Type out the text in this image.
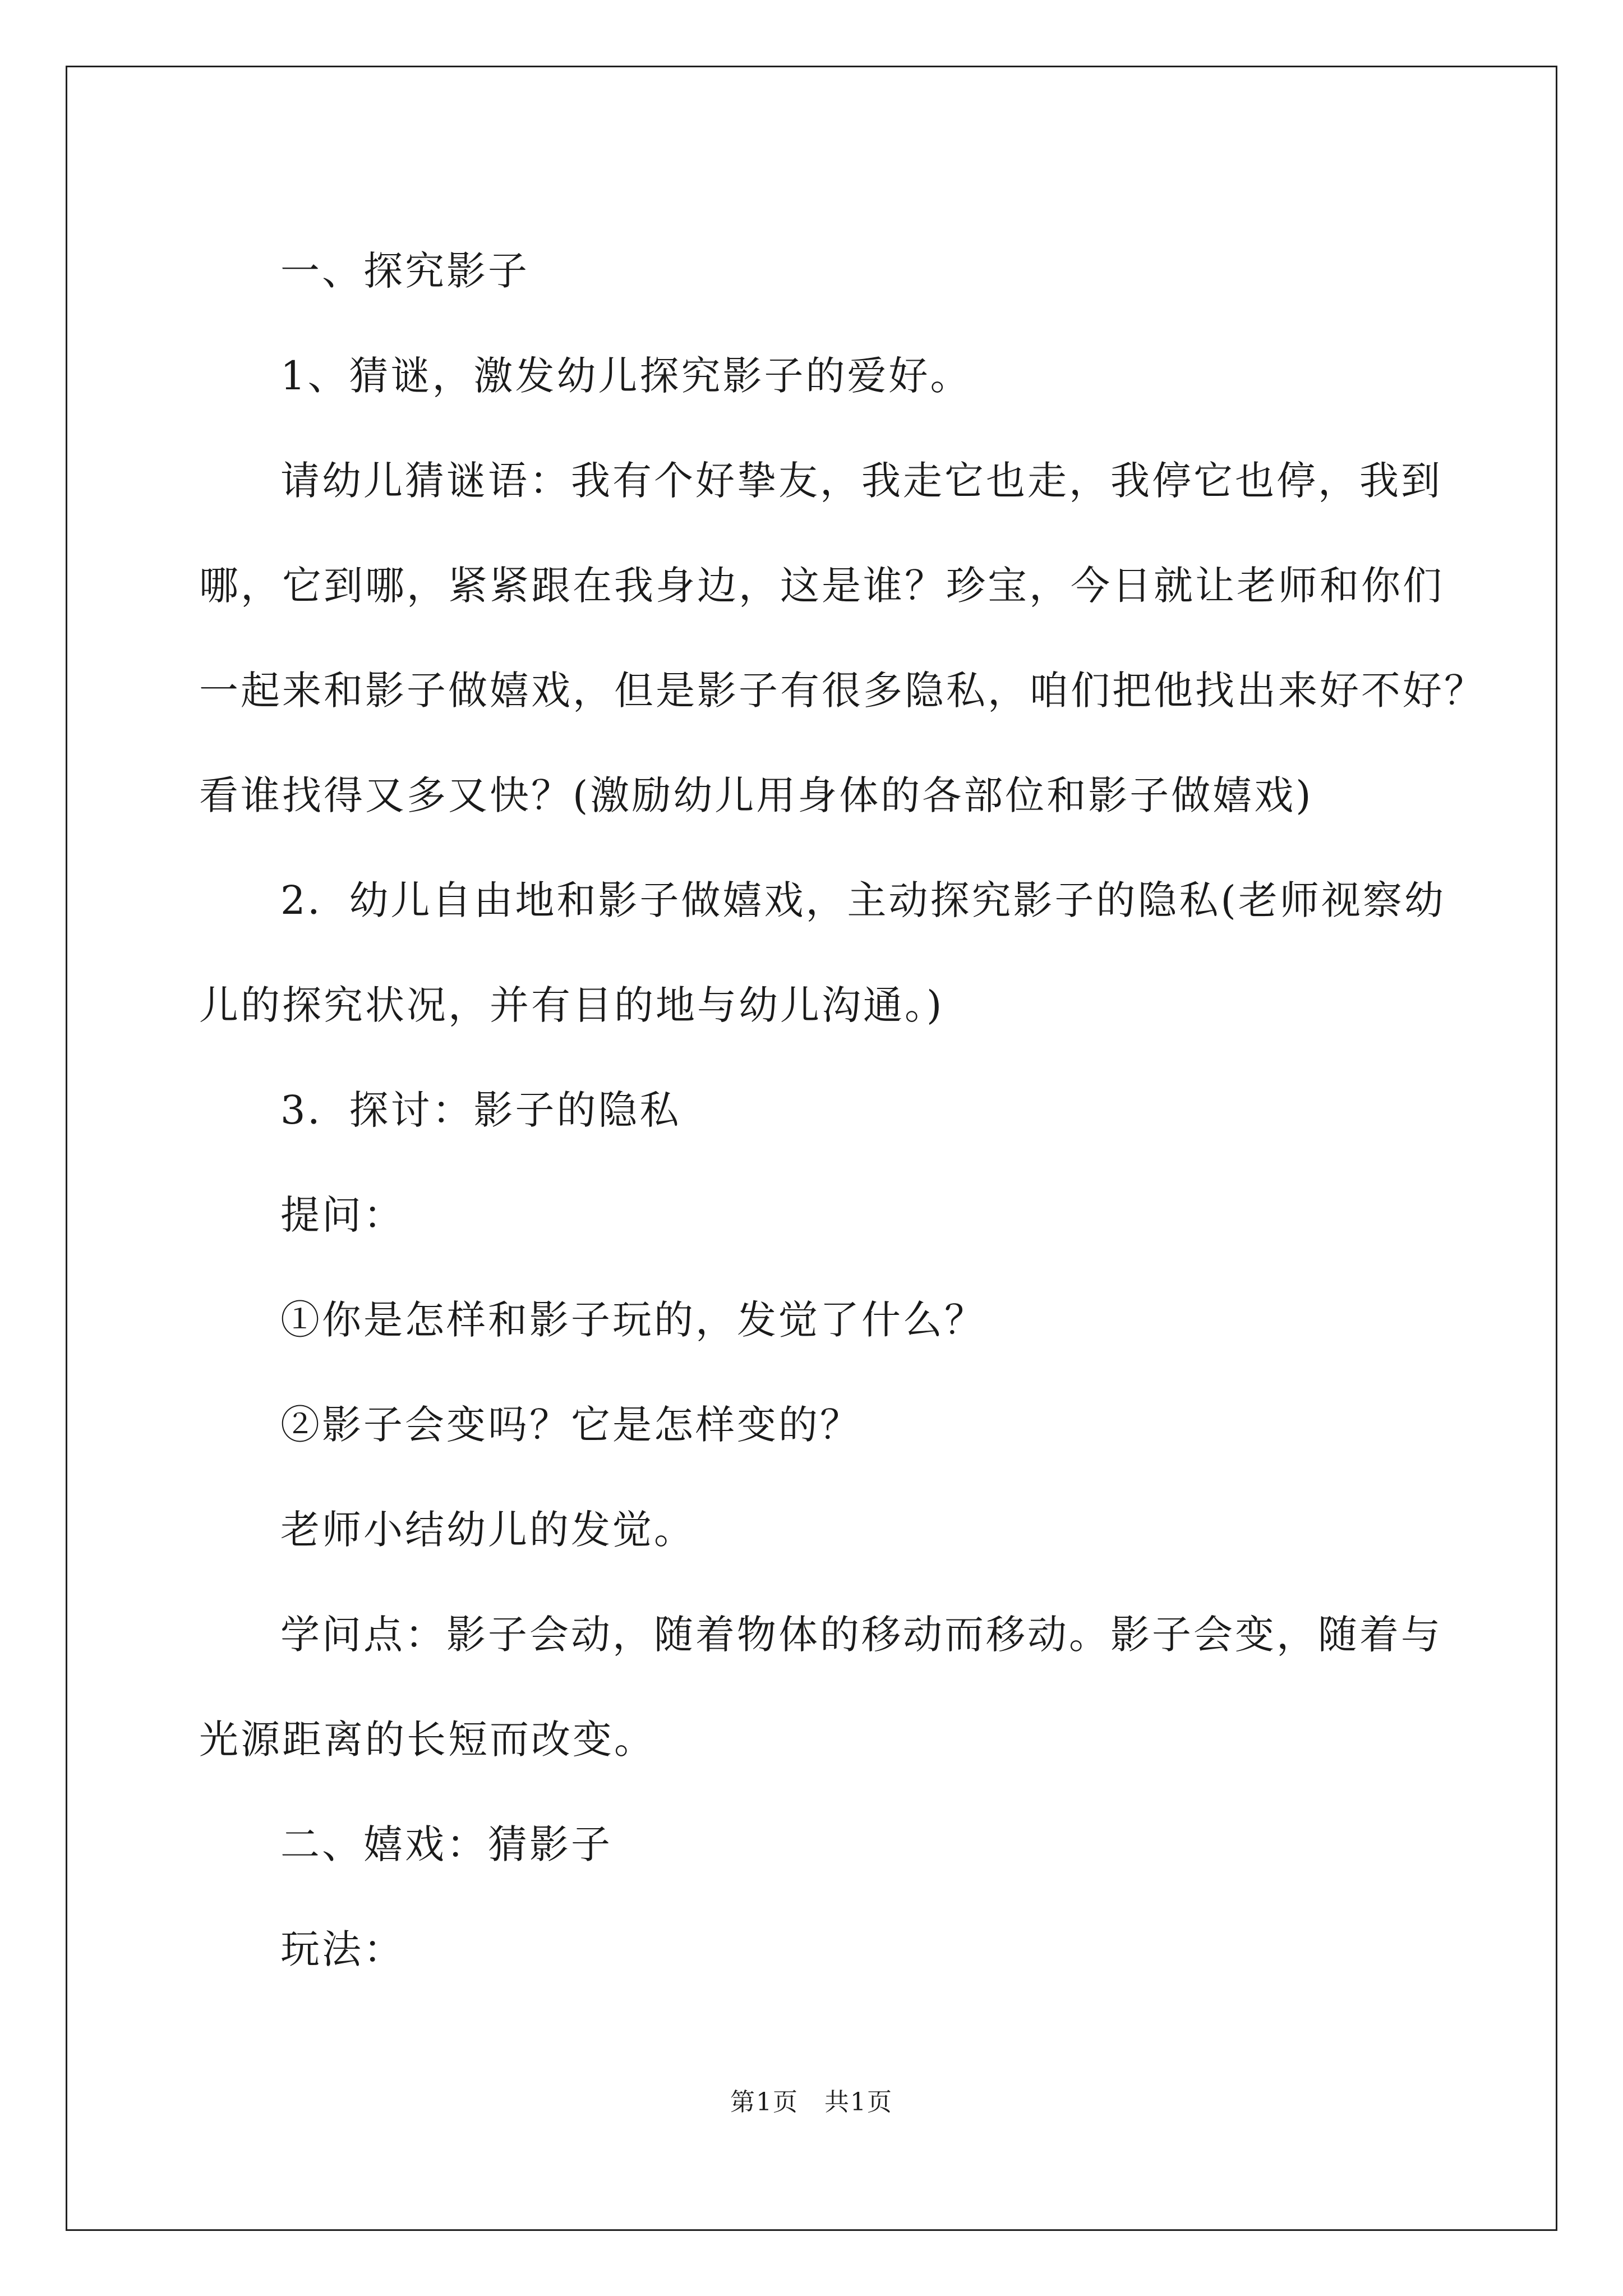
一、探究影子

1、猜谜，激发幼儿探究影子的爱好。

请幼儿猜谜语：我有个好挚友，我走它也走，我停它也停，我到

哪，它到哪，紧紧跟在我身边，这是谁？珍宝，今日就让老师和你们

一起来和影子做嬉戏，但是影子有很多隐私，咱们把他找出来好不好？

看谁找得又多又快？(激励幼儿用身体的各部位和影子做嬉戏)

2．幼儿自由地和影子做嬉戏，主动探究影子的隐私(老师视察幼

儿的探究状况，并有目的地与幼儿沟通。)

3．探讨：影子的隐私

提问：

①你是怎样和影子玩的，发觉了什么？

②影子会变吗？它是怎样变的？

老师小结幼儿的发觉。

学问点：影子会动，随着物体的移动而移动。影子会变，随着与

光源距离的长短而改变。

二、嬉戏：猜影子

玩法：

第1页　共1页
